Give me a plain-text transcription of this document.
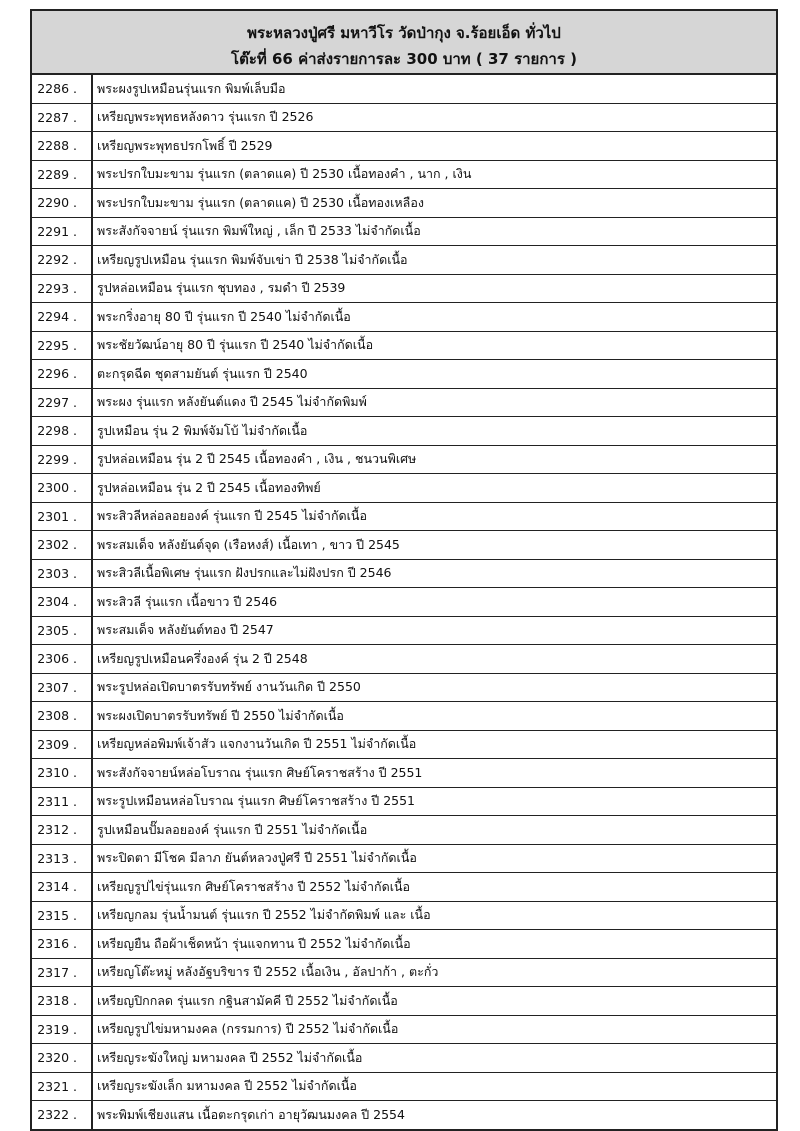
พระหลวงปู่ศรี มหาวีโร วัดป่ากุง จ.ร้อยเอ็ด ทั่วไป
โต๊ะที่ 66 ค่าส่งรายการละ 300 บาท ( 37 รายการ )
2286 .	พระผงรูปเหมือนรุ่นแรก พิมพ์เล็บมือ
2287 .	เหรียญพระพุทธหลังดาว รุ่นแรก ปี 2526
2288 .	เหรียญพระพุทธปรกโพธิ์ ปี 2529
2289 .	พระปรกใบมะขาม รุ่นแรก (ตลาดแค) ปี 2530 เนื้อทองคำ , นาก , เงิน
2290 .	พระปรกใบมะขาม รุ่นแรก (ตลาดแค) ปี 2530 เนื้อทองเหลือง
2291 .	พระสังกัจจายน์ รุ่นแรก พิมพ์ใหญ่ , เล็ก ปี 2533 ไม่จำกัดเนื้อ
2292 .	เหรียญรูปเหมือน รุ่นแรก พิมพ์จับเข่า ปี 2538 ไม่จำกัดเนื้อ
2293 .	รูปหล่อเหมือน รุ่นแรก ชุบทอง , รมดำ ปี 2539
2294 .	พระกริ่งอายุ 80 ปี รุ่นแรก ปี 2540 ไม่จำกัดเนื้อ
2295 .	พระชัยวัฒน์อายุ 80 ปี รุ่นแรก ปี 2540 ไม่จำกัดเนื้อ
2296 .	ตะกรุดฉีด ชุดสามยันต์ รุ่นแรก ปี 2540
2297 .	พระผง รุ่นแรก หลังยันต์แดง ปี 2545 ไม่จำกัดพิมพ์
2298 .	รูปเหมือน รุ่น 2 พิมพ์จัมโบ้ ไม่จำกัดเนื้อ
2299 .	รูปหล่อเหมือน รุ่น 2 ปี 2545 เนื้อทองคำ , เงิน , ชนวนพิเศษ
2300 .	รูปหล่อเหมือน รุ่น 2 ปี 2545 เนื้อทองทิพย์
2301 .	พระสิวลีหล่อลอยองค์ รุ่นแรก ปี 2545 ไม่จำกัดเนื้อ
2302 .	พระสมเด็จ หลังยันต์จุด (เรือหงส์) เนื้อเทา , ขาว ปี 2545
2303 .	พระสิวลีเนื้อพิเศษ รุ่นแรก ฝังปรกและไม่ฝังปรก ปี 2546
2304 .	พระสิวลี รุ่นแรก เนื้อขาว ปี 2546
2305 .	พระสมเด็จ หลังยันต์ทอง ปี 2547
2306 .	เหรียญรูปเหมือนครึ่งองค์ รุ่น 2 ปี 2548
2307 .	พระรูปหล่อเปิดบาตรรับทรัพย์ งานวันเกิด ปี 2550
2308 .	พระผงเปิดบาตรรับทรัพย์ ปี 2550 ไม่จำกัดเนื้อ
2309 .	เหรียญหล่อพิมพ์เจ้าสัว แจกงานวันเกิด ปี 2551 ไม่จำกัดเนื้อ
2310 .	พระสังกัจจายน์หล่อโบราณ รุ่นแรก ศิษย์โคราชสร้าง ปี 2551
2311 .	พระรูปเหมือนหล่อโบราณ รุ่นแรก ศิษย์โคราชสร้าง ปี 2551
2312 .	รูปเหมือนปั๊มลอยองค์ รุ่นแรก ปี 2551 ไม่จำกัดเนื้อ
2313 .	พระปิดตา มีโชค มีลาภ ยันต์หลวงปู่ศรี ปี 2551 ไม่จำกัดเนื้อ
2314 .	เหรียญรูปไข่รุ่นแรก ศิษย์โคราชสร้าง ปี 2552 ไม่จำกัดเนื้อ
2315 .	เหรียญกลม รุ่นน้ำมนต์ รุ่นแรก ปี 2552 ไม่จำกัดพิมพ์ และ เนื้อ
2316 .	เหรียญยืน ถือผ้าเช็ดหน้า รุ่นแจกทาน ปี 2552 ไม่จำกัดเนื้อ
2317 .	เหรียญโต๊ะหมู่ หลังอัฐบริขาร ปี 2552 เนื้อเงิน , อัลปาก้า , ตะกั่ว
2318 .	เหรียญปิกกลด รุ่นแรก กฐินสามัคคี ปี 2552 ไม่จำกัดเนื้อ
2319 .	เหรียญรูปไข่มหามงคล (กรรมการ) ปี 2552 ไม่จำกัดเนื้อ
2320 .	เหรียญระฆังใหญ่ มหามงคล ปี 2552 ไม่จำกัดเนื้อ
2321 .	เหรียญระฆังเล็ก มหามงคล ปี 2552 ไม่จำกัดเนื้อ
2322 .	พระพิมพ์เชียงแสน เนื้อตะกรุดเก่า อายุวัฒนมงคล ปี 2554
